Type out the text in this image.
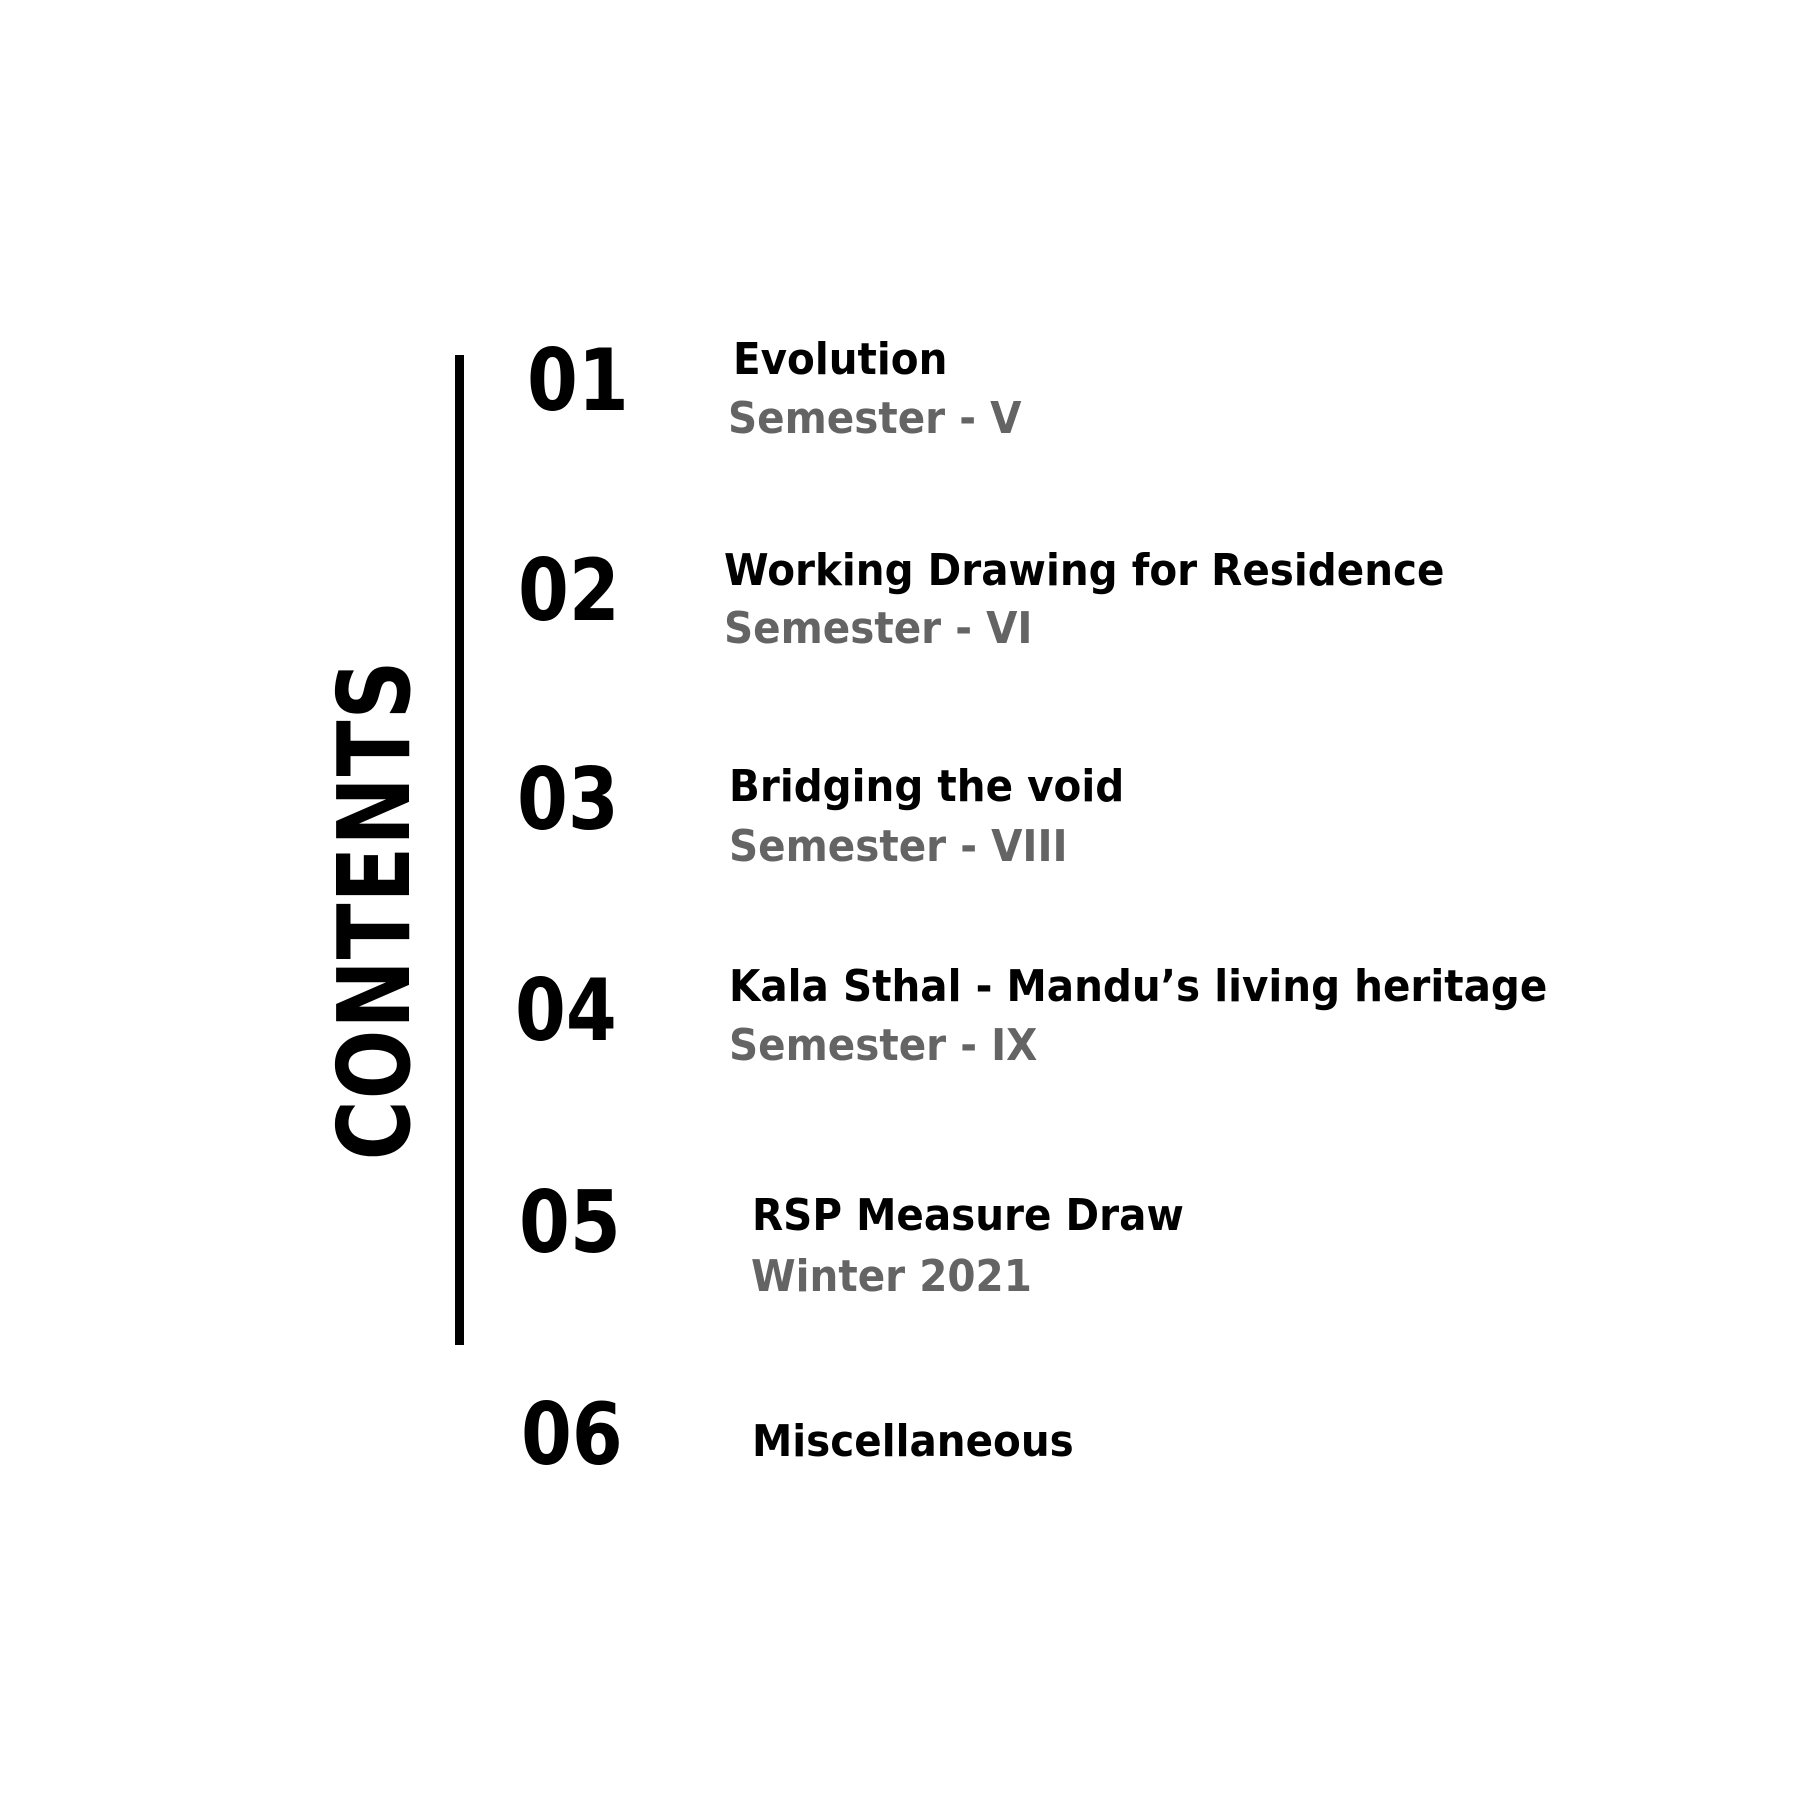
CONTENTS
01 Evolution
Semester - V
02 Working Drawing for Residence
Semester - VI
03	Bridging the void
Semester - VIII
04	Kala Sthal - Mandu’s living heritage
Semester - IX
05	RSP Measure Draw
Winter 2021
06	Miscellaneous
